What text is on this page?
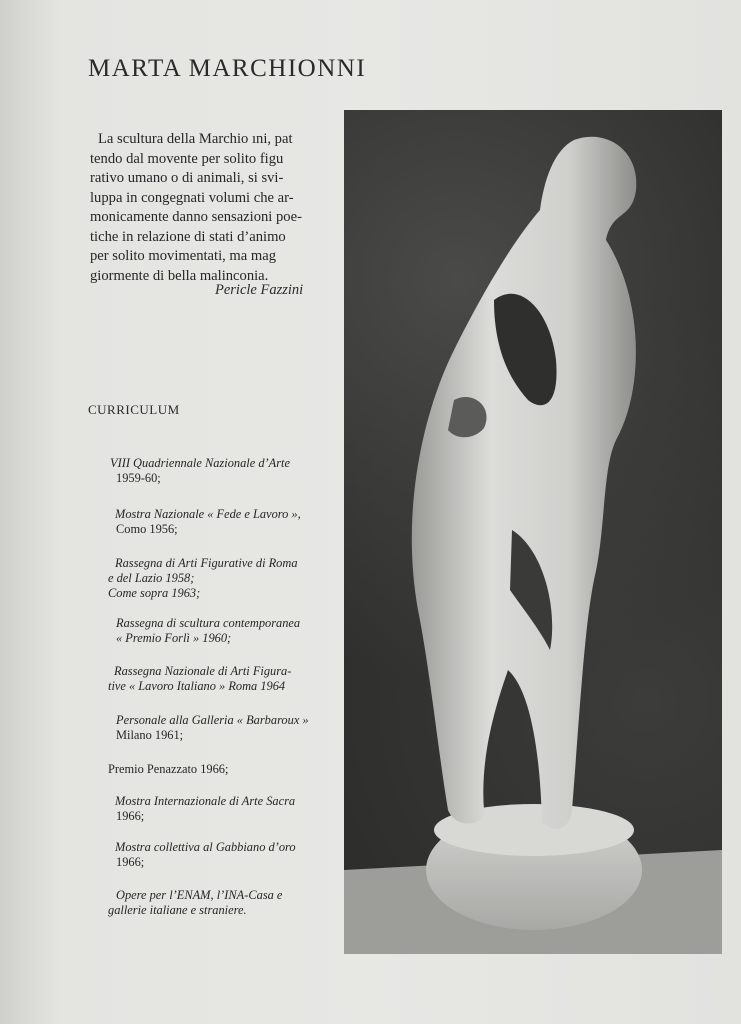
MARTA MARCHIONNI
La scultura della Marchio ıni, pat
tendo dal movente per solito figu
rativo umano o di animali, si svi-
luppa in congegnati volumi che ar-
monicamente danno sensazioni poe-
tiche in relazione di stati d’animo
per solito movimentati, ma mag
giormente di bella malinconia.
Pericle Fazzini
CURRICULUM
VIII Quadriennale Nazionale d’Arte
1959-60;
Mostra Nazionale « Fede e Lavoro »,
Como 1956;
Rassegna di Arti Figurative di Roma
e del Lazio 1958;
Come sopra 1963;
Rassegna di scultura contemporanea
« Premio Forlì » 1960;
Rassegna Nazionale di Arti Figura-
tive « Lavoro Italiano » Roma 1964
Personale alla Galleria « Barbaroux »
Milano 1961;
Premio Penazzato 1966;
Mostra Internazionale di Arte Sacra
1966;
Mostra collettiva al Gabbiano d’oro
1966;
Opere per l’ENAM, l’INA-Casa e
gallerie italiane e straniere.
